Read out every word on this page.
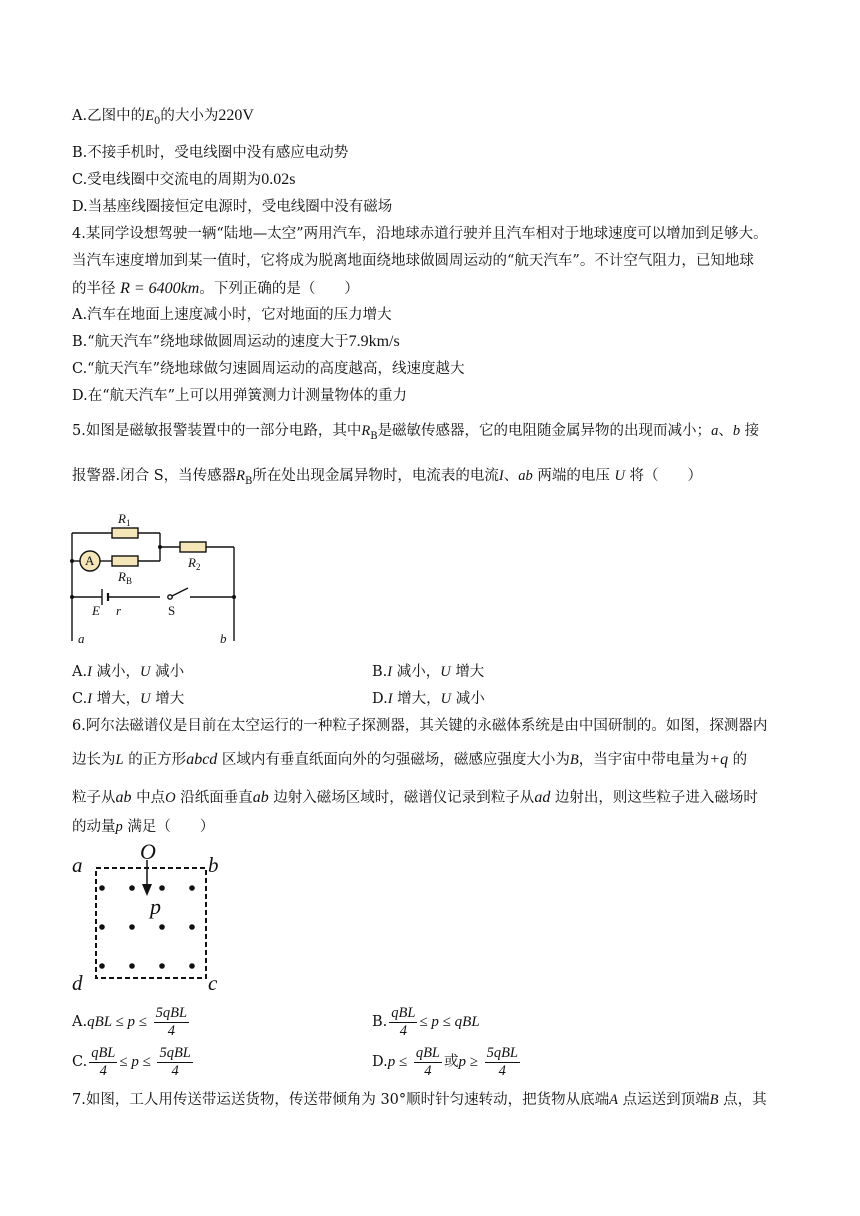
A.乙图中的$E_0$的大小为220V
B.不接手机时，受电线圈中没有感应电动势
C.受电线圈中交流电的周期为0.02s
D.当基座线圈接恒定电源时，受电线圈中没有磁场
4.某同学设想驾驶一辆“陆地—太空”两用汽车，沿地球赤道行驶并且汽车相对于地球速度可以增加到足够大。
当汽车速度增加到某一值时，它将成为脱离地面绕地球做圆周运动的“航天汽车”。不计空气阻力，已知地球
的半径 R = 6400km。下列正确的是（　　）
A.汽车在地面上速度减小时，它对地面的压力增大
B.“航天汽车”绕地球做圆周运动的速度大于7.9km/s
C.“航天汽车”绕地球做匀速圆周运动的高度越高，线速度越大
D.在“航天汽车”上可以用弹簧测力计测量物体的重力
5.如图是磁敏报警装置中的一部分电路，其中$R_B$是磁敏传感器，它的电阻随金属异物的出现而减小；a、b 接
报警器.闭合 S，当传感器$R_B$所在处出现金属异物时，电流表的电流I、ab 两端的电压 U 将（　　）
$R_1$
$R_B$
$R_2$
A
E r	S
a	b
A.I 减小，U 减小	B.I 减小，U 增大
C.I 增大，U 增大	D.I 增大，U 减小
6.阿尔法磁谱仪是目前在太空运行的一种粒子探测器，其关键的永磁体系统是由中国研制的。如图，探测器内
边长为L 的正方形abcd 区域内有垂直纸面向外的匀强磁场，磁感应强度大小为B，当宇宙中带电量为+q 的
粒子从ab 中点O 沿纸面垂直ab 边射入磁场区域时，磁谱仪记录到粒子从ad 边射出，则这些粒子进入磁场时
的动量p 满足（　　）
O
p
a	b
d	c
$A.qBL \le p \le \frac{\text{5qBL}}{4}$	B. $\frac{\text{qBL}}{4} \le p$ ≤ qBL
C. $\frac{\text{qBL}}{4} \le p \le \frac{\text{5qBL}}{4}$	$D.p \le \frac{\text{qBL}}{4}$ 或$p \ge \frac{\text{5qBL}}{4}$
7.如图，工人用传送带运送货物，传送带倾角为 30°顺时针匀速转动，把货物从底端A 点运送到顶端B 点，其
